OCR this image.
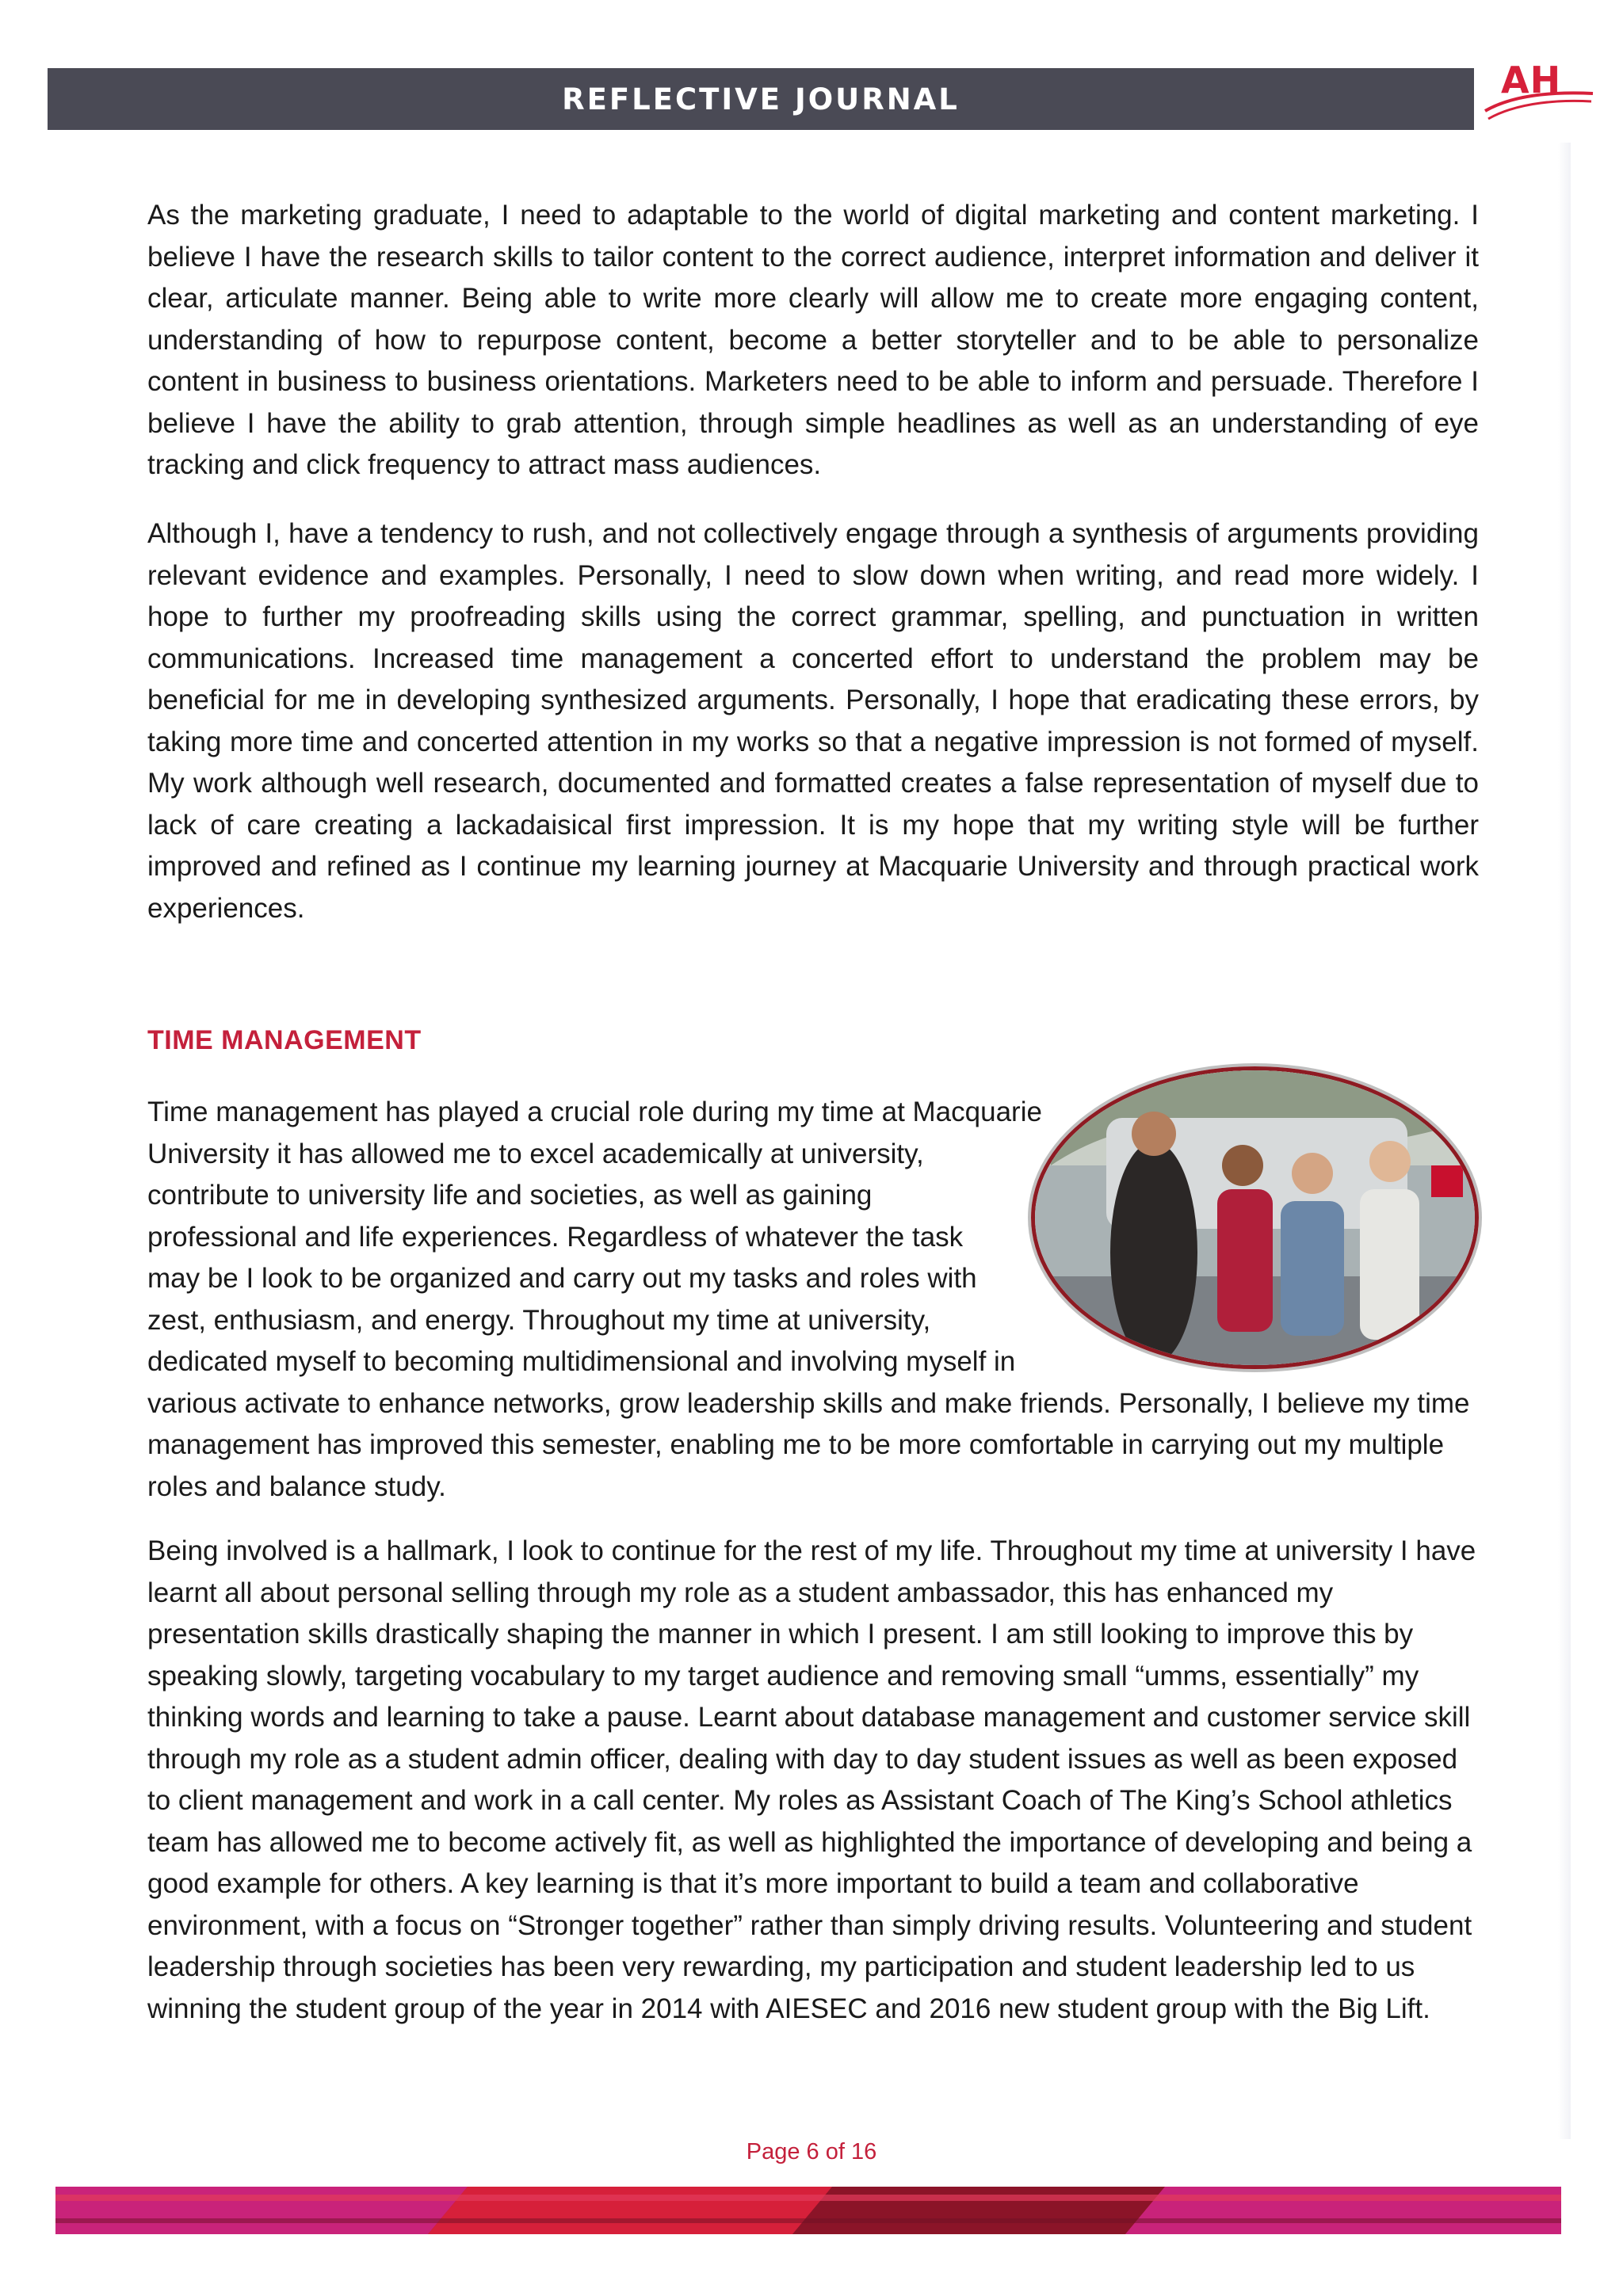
REFLECTIVE JOURNAL	AH

As the marketing graduate, I need to adaptable to the world of digital marketing and content marketing. I believe I have the research skills to tailor content to the correct audience, interpret information and deliver it clear, articulate manner. Being able to write more clearly will allow me to create more engaging content, understanding of how to repurpose content, become a better storyteller and to be able to personalize content in business to business orientations. Marketers need to be able to inform and persuade. Therefore I believe I have the ability to grab attention, through simple headlines as well as an understanding of eye tracking and click frequency to attract mass audiences.

Although I, have a tendency to rush, and not collectively engage through a synthesis of arguments providing relevant evidence and examples. Personally, I need to slow down when writing, and read more widely. I hope to further my proofreading skills using the correct grammar, spelling, and punctuation in written communications. Increased time management a concerted effort to understand the problem may be beneficial for me in developing synthesized arguments. Personally, I hope that eradicating these errors, by taking more time and concerted attention in my works so that a negative impression is not formed of myself. My work although well research, documented and formatted creates a false representation of myself due to lack of care creating a lackadaisical first impression. It is my hope that my writing style will be further improved and refined as I continue my learning journey at Macquarie University and through practical work experiences.

TIME MANAGEMENT
Time management has played a crucial role during my time at Macquarie University it has allowed me to excel academically at university, contribute to university life and societies, as well as gaining professional and life experiences. Regardless of whatever the task may be I look to be organized and carry out my tasks and roles with zest, enthusiasm, and energy. Throughout my time at university, dedicated myself to becoming multidimensional and involving myself in various activate to enhance networks, grow leadership skills and make friends. Personally, I believe my time management has improved this semester, enabling me to be more comfortable in carrying out my multiple roles and balance study.

Being involved is a hallmark, I look to continue for the rest of my life. Throughout my time at university I have learnt all about personal selling through my role as a student ambassador, this has enhanced my presentation skills drastically shaping the manner in which I present. I am still looking to improve this by speaking slowly, targeting vocabulary to my target audience and removing small “umms, essentially” my thinking words and learning to take a pause. Learnt about database management and customer service skill through my role as a student admin officer, dealing with day to day student issues as well as been exposed to client management and work in a call center. My roles as Assistant Coach of The King’s School athletics team has allowed me to become actively fit, as well as highlighted the importance of developing and being a good example for others. A key learning is that it’s more important to build a team and collaborative environment, with a focus on “Stronger together” rather than simply driving results. Volunteering and student leadership through societies has been very rewarding, my participation and student leadership led to us winning the student group of the year in 2014 with AIESEC and 2016 new student group with the Big Lift.

Page 6 of 16
